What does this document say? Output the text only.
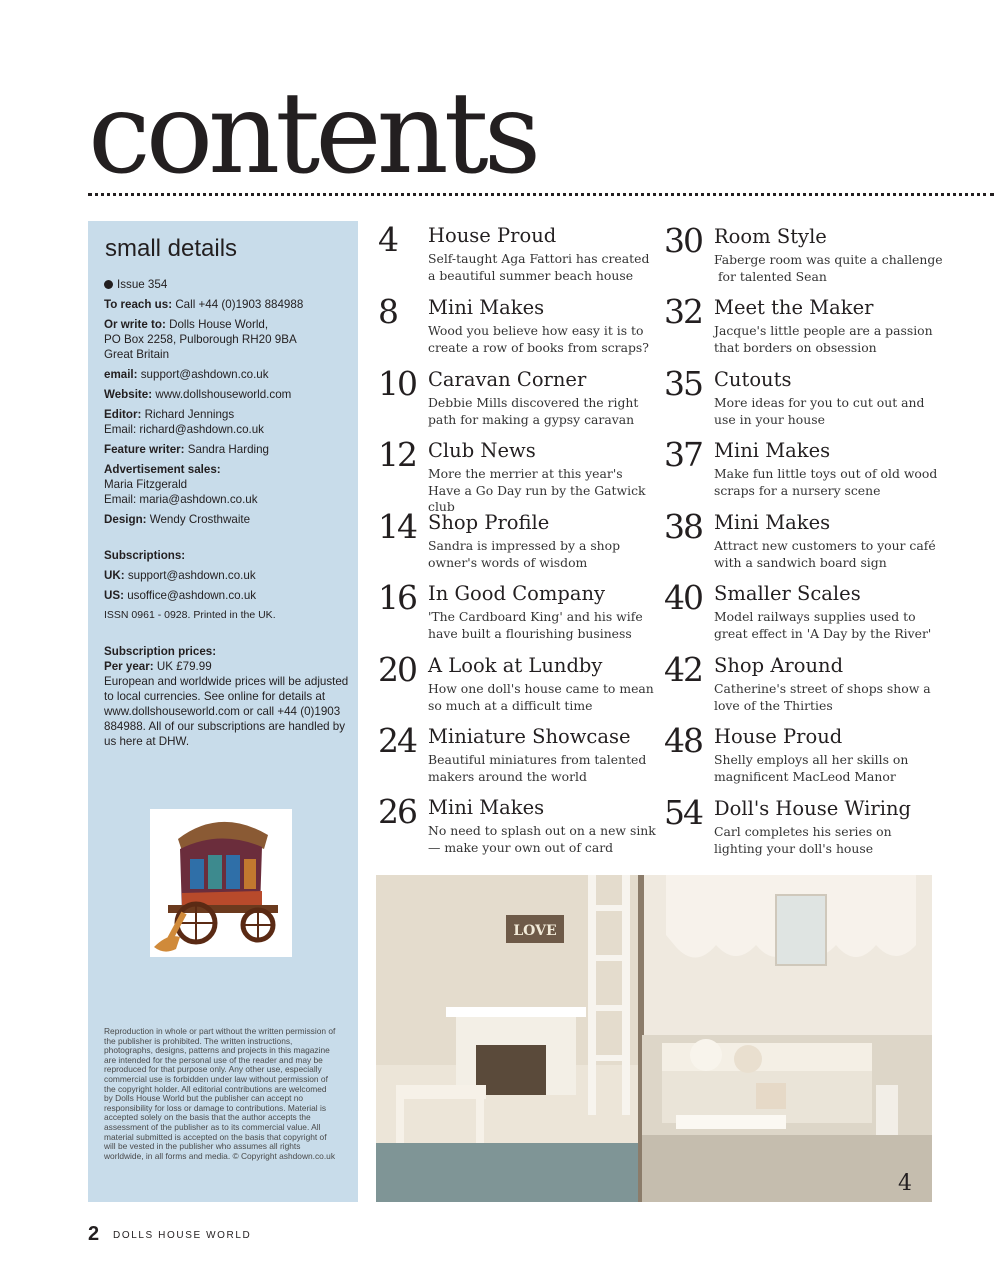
contents
small details

Issue 354

To reach us: Call +44 (0)1903 884988

Or write to: Dolls House World,
PO Box 2258, Pulborough RH20 9BA
Great Britain

email: support@ashdown.co.uk

Website: www.dollshouseworld.com

Editor: Richard Jennings
Email: richard@ashdown.co.uk

Feature writer: Sandra Harding

Advertisement sales:
Maria Fitzgerald
Email: maria@ashdown.co.uk

Design: Wendy Crosthwaite

Subscriptions:

UK: support@ashdown.co.uk

US: usoffice@ashdown.co.uk

ISSN 0961 - 0928. Printed in the UK.

Subscription prices:
Per year: UK £79.99
European and worldwide prices will be adjusted to local currencies. See online for details at www.dollshouseworld.com or call +44 (0)1903 884988. All of our subscriptions are handled by us here at DHW.

Reproduction in whole or part without the written permission of the publisher is prohibited. The written instructions, photographs, designs, patterns and projects in this magazine are intended for the personal use of the reader and may be reproduced for that purpose only. Any other use, especially commercial use is forbidden under law without permission of the copyright holder. All editorial contributions are welcomed by Dolls House World but the publisher can accept no responsibility for loss or damage to contributions. Material is accepted solely on the basis that the author accepts the assessment of the publisher as to its commercial value. All material submitted is accepted on the basis that copyright of will be vested in the publisher who assumes all rights worldwide, in all forms and media. © Copyright ashdown.co.uk

4	House Proud
Self-taught Aga Fattori has created a beautiful summer beach house
8	Mini Makes
Wood you believe how easy it is to create a row of books from scraps?
10 Caravan Corner
Debbie Mills discovered the right path for making a gypsy caravan
12 Club News
More the merrier at this year's Have a Go Day run by the Gatwick club
14 Shop Profile
Sandra is impressed by a shop owner's words of wisdom
16 In Good Company
'The Cardboard King' and his wife have built a flourishing business
20 A Look at Lundby
How one doll's house came to mean so much at a difficult time
24 Miniature Showcase
Beautiful miniatures from talented makers around the world
26 Mini Makes
No need to splash out on a new sink — make your own out of card
30 Room Style
Faberge room was quite a challenge
for talented Sean
32 Meet the Maker
Jacque's little people are a passion that borders on obsession
35 Cutouts
More ideas for you to cut out and use in your house
37 Mini Makes
Make fun little toys out of old wood scraps for a nursery scene
38 Mini Makes
Attract new customers to your café with a sandwich board sign
40 Smaller Scales
Model railways supplies used to great effect in 'A Day by the River'
42 Shop Around
Catherine's street of shops show a love of the Thirties
48 House Proud
Shelly employs all her skills on magnificent MacLeod Manor
54 Doll's House Wiring
Carl completes his series on lighting your doll's house
LOVE
4
2 DOLLS HOUSE WORLD
